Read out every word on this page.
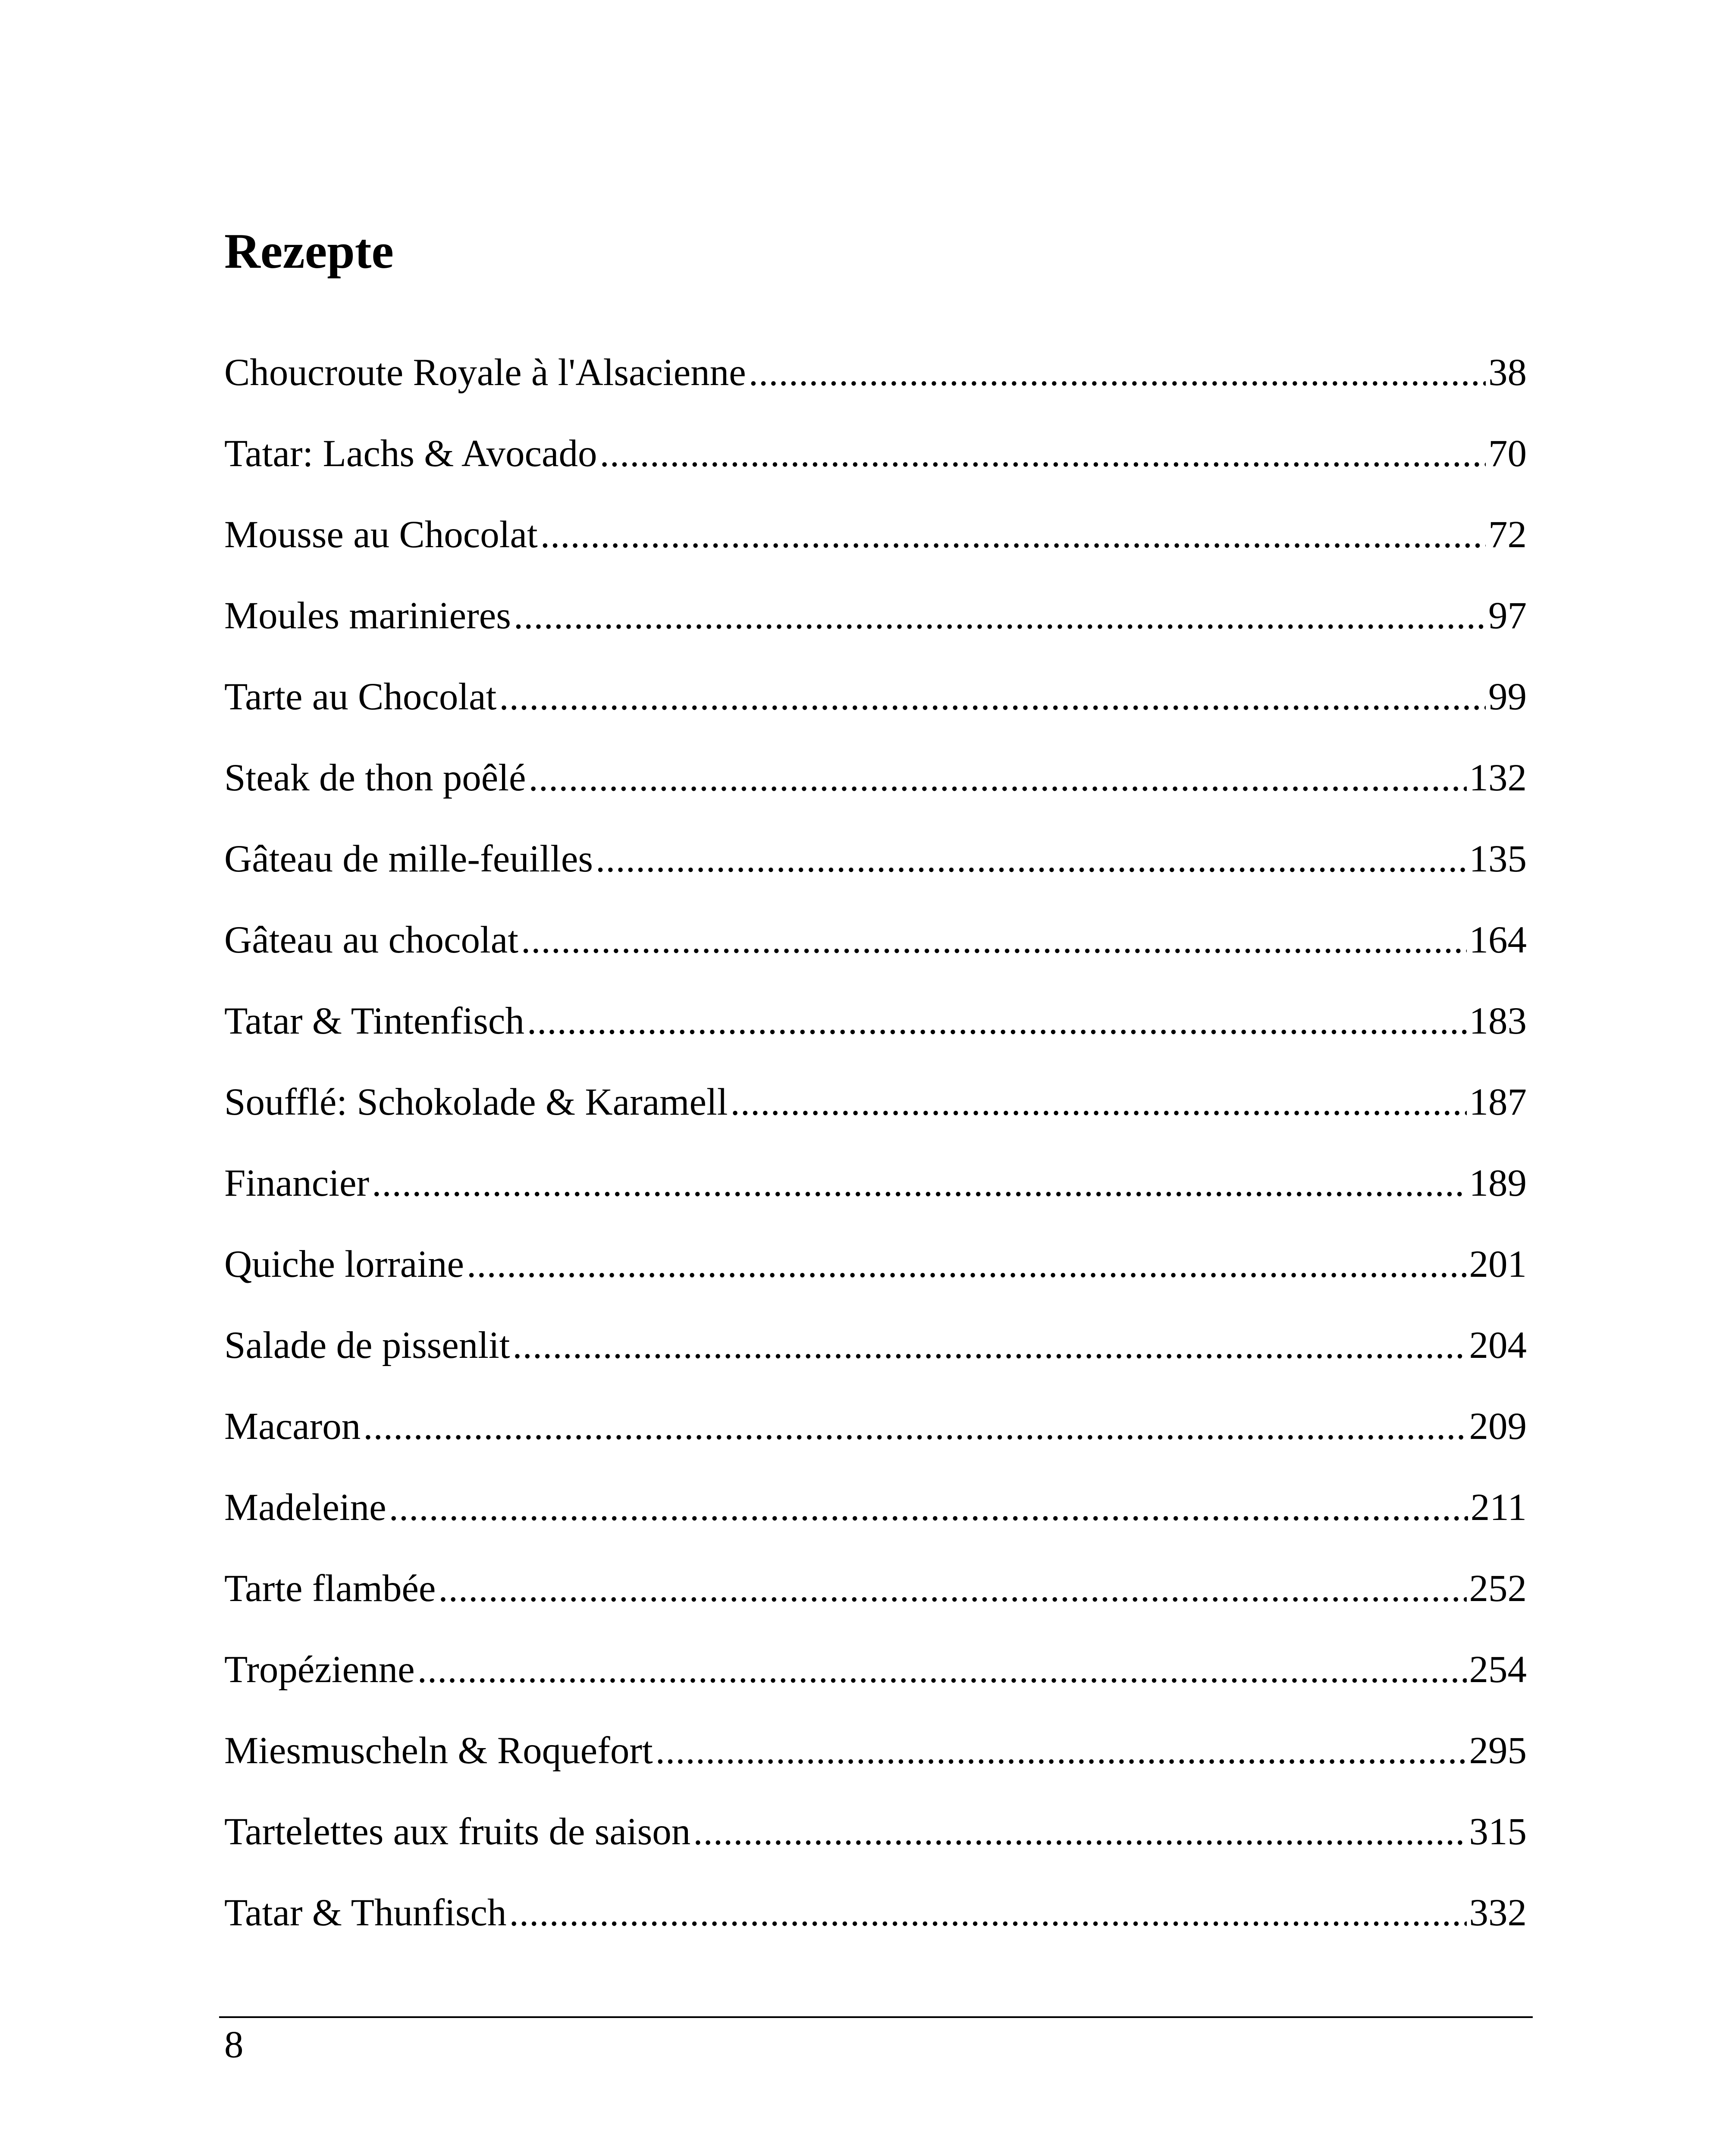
Rezepte
Choucroute Royale à l'Alsacienne .....	38
Tatar: Lachs & Avocado .....	70
Mousse au Chocolat .....	72
Moules marinieres .....	97
Tarte au Chocolat .....	99
Steak de thon poêlé .....	132
Gâteau de mille-feuilles .....	135
Gâteau au chocolat .....	164
Tatar & Tintenfisch .....	183
Soufflé: Schokolade & Karamell .....	187
Financier .....	189
Quiche lorraine .....	201
Salade de pissenlit .....	204
Macaron .....	209
Madeleine .....	211
Tarte flambée .....	252
Tropézienne .....	254
Miesmuscheln & Roquefort .....	295
Tartelettes aux fruits de saison .....	315
Tatar & Thunfisch .....	332
8
